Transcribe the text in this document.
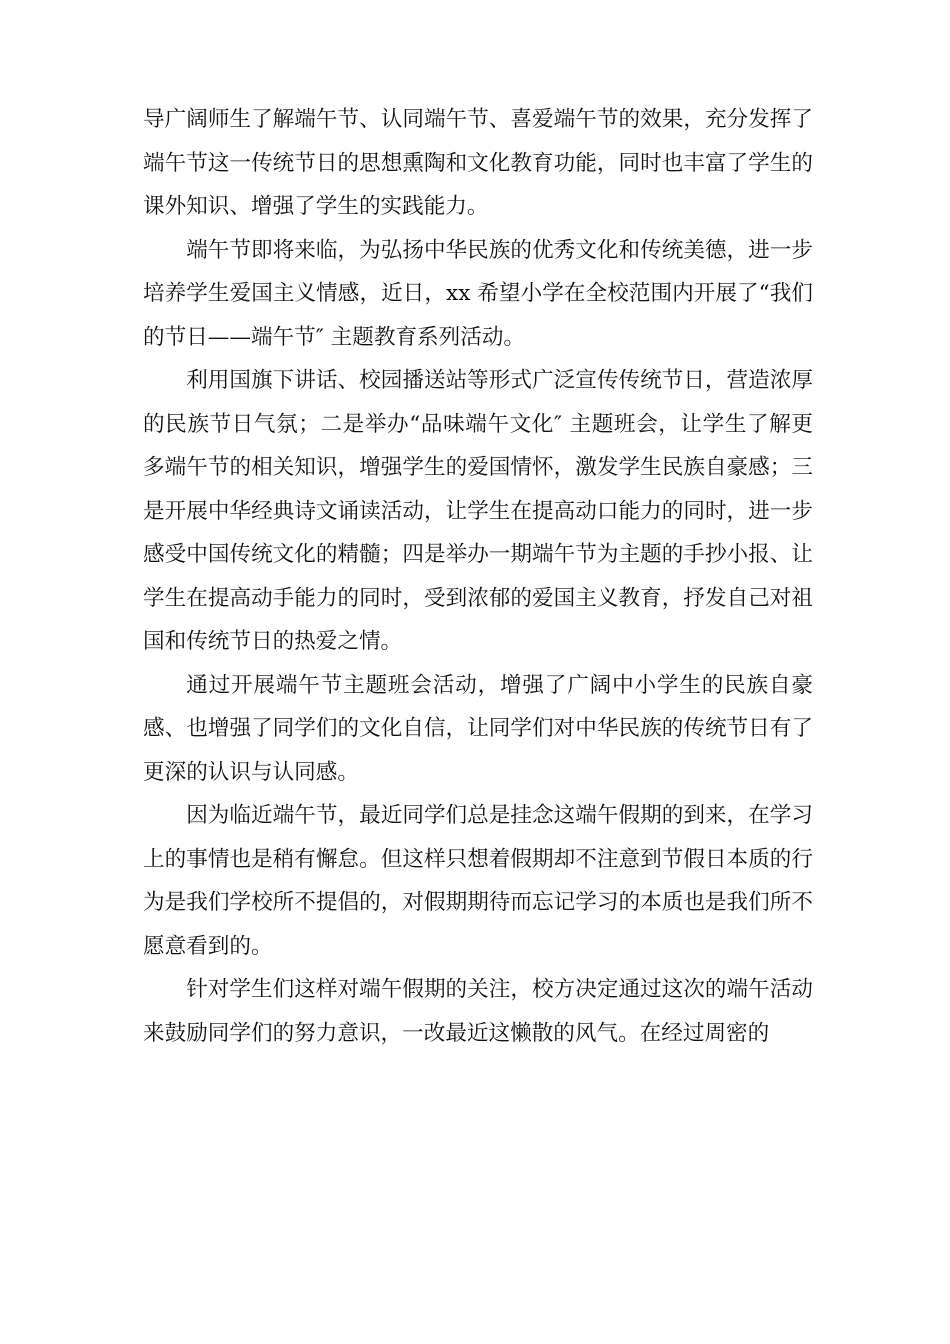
导广阔师生了解端午节、认同端午节、喜爱端午节的效果，充分发挥了端午节这一传统节日的思想熏陶和文化教育功能，同时也丰富了学生的课外知识、增强了学生的实践能力。

端午节即将来临，为弘扬中华民族的优秀文化和传统美德，进一步培养学生爱国主义情感，近日，xx 希望小学在全校范围内开展了“我们的节日——端午节″ 主题教育系列活动。

利用国旗下讲话、校园播送站等形式广泛宣传传统节日，营造浓厚的民族节日气氛；二是举办“品味端午文化″ 主题班会，让学生了解更多端午节的相关知识，增强学生的爱国情怀，激发学生民族自豪感；三是开展中华经典诗文诵读活动，让学生在提高动口能力的同时，进一步感受中国传统文化的精髓；四是举办一期端午节为主题的手抄小报、让学生在提高动手能力的同时，受到浓郁的爱国主义教育，抒发自己对祖国和传统节日的热爱之情。

通过开展端午节主题班会活动，增强了广阔中小学生的民族自豪感、也增强了同学们的文化自信，让同学们对中华民族的传统节日有了更深的认识与认同感。

因为临近端午节，最近同学们总是挂念这端午假期的到来，在学习上的事情也是稍有懈怠。但这样只想着假期却不注意到节假日本质的行为是我们学校所不提倡的，对假期期待而忘记学习的本质也是我们所不愿意看到的。

针对学生们这样对端午假期的关注，校方决定通过这次的端午活动来鼓励同学们的努力意识，一改最近这懒散的风气。在经过周密的
